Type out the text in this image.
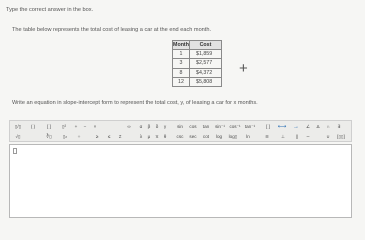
Type the correct answer in the box.
The table below represents the total cost of leasing a car at the end each month.
Month	Cost
1	$1,859
3	$2,577
8	$4,372
12	$5,808
+
Write an equation in slope-intercept form to represent the total cost, y, of leasing a car for x months.
▯/▯	( )	[ ]	▯²	+	−	×	∞	α	β	δ	γ	sin	cos	tan	sin⁻¹ cos⁻¹ tan⁻¹	[ ]	⟷	→	∠	Δ	∩	∃
√▯	∛▯	▯ₙ	÷	≥	≤	≠	λ	μ	π	θ	csc	sec	cot	log	log▯	ln	≅	⊥	∥	∼	∪ [▯▯]
